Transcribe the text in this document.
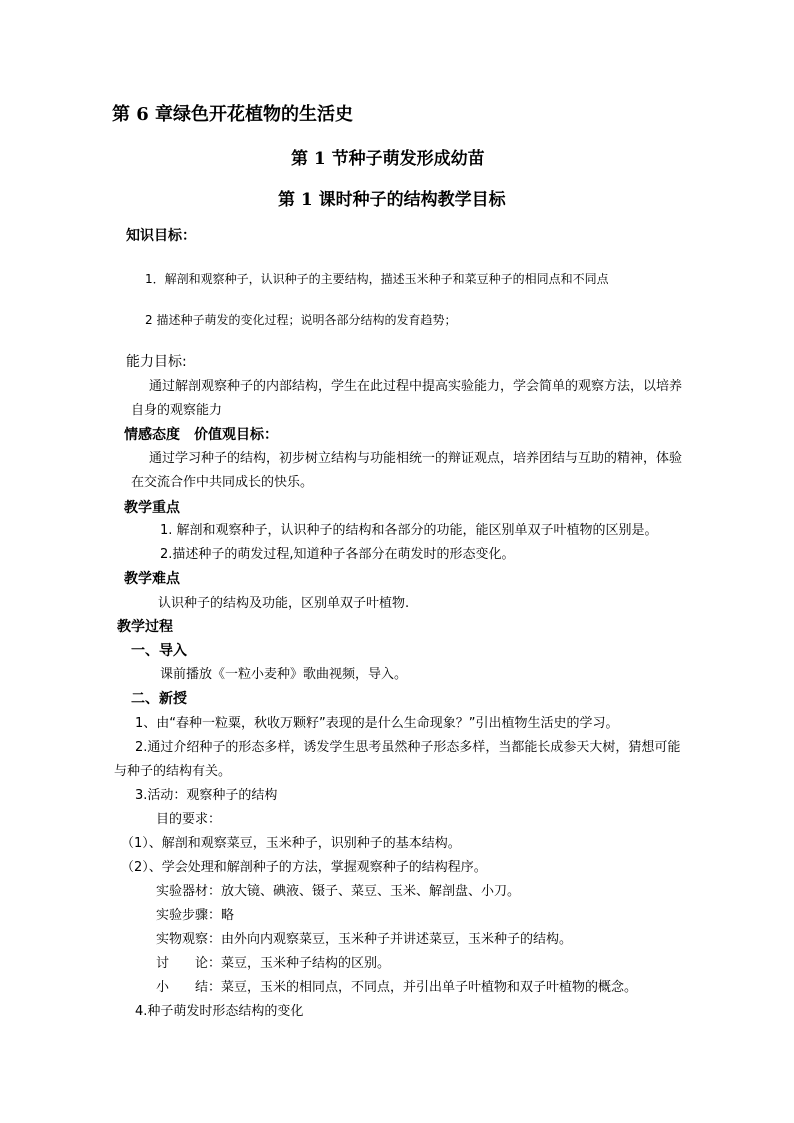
第 6 章绿色开花植物的生活史
第 1 节种子萌发形成幼苗
第 1 课时种子的结构教学目标
知识目标：
1．解剖和观察种子，认识种子的主要结构，描述玉米种子和菜豆种子的相同点和不同点
2 描述种子萌发的变化过程；说明各部分结构的发育趋势；
能力目标:
通过解剖观察种子的内部结构，学生在此过程中提高实验能力，学会简单的观察方法，以培养
自身的观察能力
情感态度　价值观目标：
通过学习种子的结构，初步树立结构与功能相统一的辩证观点，培养团结与互助的精神，体验
在交流合作中共同成长的快乐。
教学重点
1. 解剖和观察种子，认识种子的结构和各部分的功能，能区别单双子叶植物的区别是。
2.描述种子的萌发过程,知道种子各部分在萌发时的形态变化。
教学难点
认识种子的结构及功能，区别单双子叶植物.
教学过程
一、导入
课前播放《一粒小麦种》歌曲视频，导入。
二、新授
1、由“春种一粒粟，秋收万颗籽”表现的是什么生命现象？”引出植物生活史的学习。
2.通过介绍种子的形态多样，诱发学生思考虽然种子形态多样，当都能长成参天大树，猜想可能
与种子的结构有关。
3.活动：观察种子的结构
目的要求：
（1）、解剖和观察菜豆，玉米种子，识别种子的基本结构。
（2）、学会处理和解剖种子的方法，掌握观察种子的结构程序。
实验器材：放大镜、碘液、镊子、菜豆、玉米、解剖盘、小刀。
实验步骤：略
实物观察：由外向内观察菜豆，玉米种子并讲述菜豆，玉米种子的结构。
讨　　论：菜豆，玉米种子结构的区别。
小　　结：菜豆，玉米的相同点，不同点，并引出单子叶植物和双子叶植物的概念。
4.种子萌发时形态结构的变化
